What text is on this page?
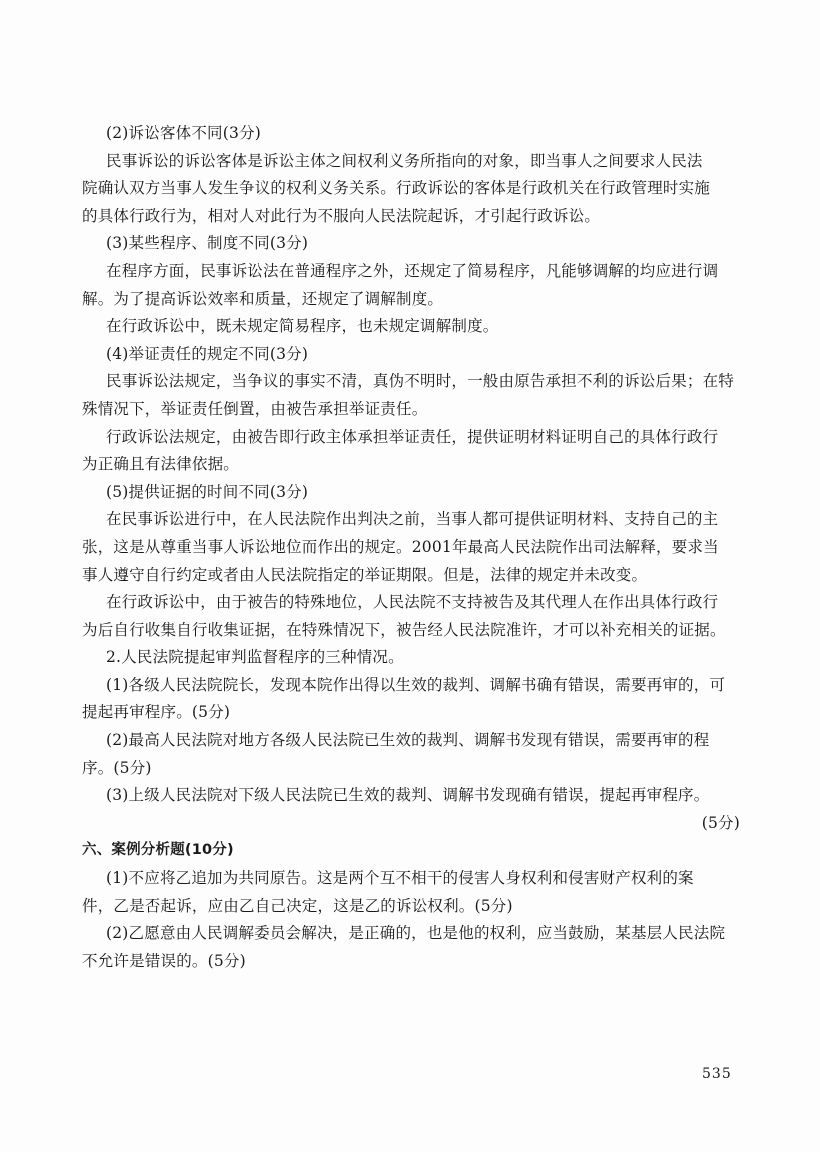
(2)诉讼客体不同(3分)
民事诉讼的诉讼客体是诉讼主体之间权利义务所指向的对象，即当事人之间要求人民法
院确认双方当事人发生争议的权利义务关系。行政诉讼的客体是行政机关在行政管理时实施
的具体行政行为，相对人对此行为不服向人民法院起诉，才引起行政诉讼。
(3)某些程序、制度不同(3分)
在程序方面，民事诉讼法在普通程序之外，还规定了简易程序，凡能够调解的均应进行调
解。为了提高诉讼效率和质量，还规定了调解制度。
在行政诉讼中，既未规定简易程序，也未规定调解制度。
(4)举证责任的规定不同(3分)
民事诉讼法规定，当争议的事实不清，真伪不明时，一般由原告承担不利的诉讼后果；在特
殊情况下，举证责任倒置，由被告承担举证责任。
行政诉讼法规定，由被告即行政主体承担举证责任，提供证明材料证明自己的具体行政行
为正确且有法律依据。
(5)提供证据的时间不同(3分)
在民事诉讼进行中，在人民法院作出判决之前，当事人都可提供证明材料、支持自己的主
张，这是从尊重当事人诉讼地位而作出的规定。2001年最高人民法院作出司法解释，要求当
事人遵守自行约定或者由人民法院指定的举证期限。但是，法律的规定并未改变。
在行政诉讼中，由于被告的特殊地位，人民法院不支持被告及其代理人在作出具体行政行
为后自行收集自行收集证据，在特殊情况下，被告经人民法院准许，才可以补充相关的证据。
2.人民法院提起审判监督程序的三种情况。
(1)各级人民法院院长，发现本院作出得以生效的裁判、调解书确有错误，需要再审的，可
提起再审程序。(5分)
(2)最高人民法院对地方各级人民法院已生效的裁判、调解书发现有错误，需要再审的程
序。(5分)
(3)上级人民法院对下级人民法院已生效的裁判、调解书发现确有错误，提起再审程序。
(5分)
六、案例分析题(10分)
(1)不应将乙追加为共同原告。这是两个互不相干的侵害人身权利和侵害财产权利的案
件，乙是否起诉，应由乙自己决定，这是乙的诉讼权利。(5分)
(2)乙愿意由人民调解委员会解决，是正确的，也是他的权利，应当鼓励，某基层人民法院
不允许是错误的。(5分)
535
